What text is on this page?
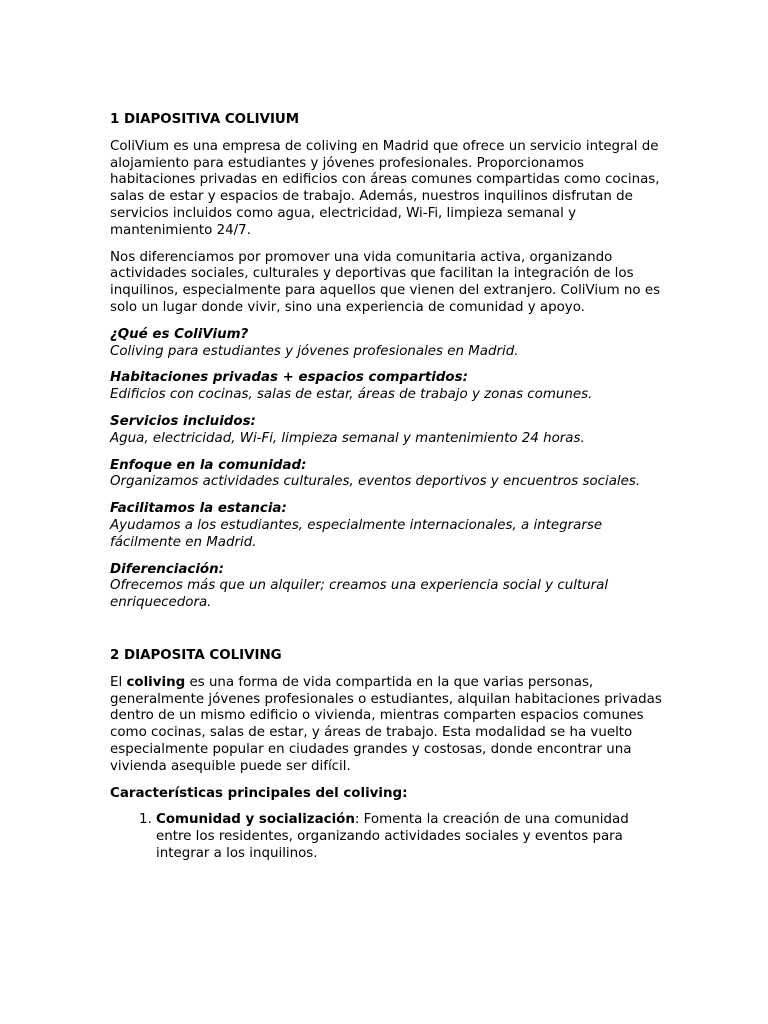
1 DIAPOSITIVA COLIVIUM

ColiVium es una empresa de coliving en Madrid que ofrece un servicio integral de alojamiento para estudiantes y jóvenes profesionales. Proporcionamos habitaciones privadas en edificios con áreas comunes compartidas como cocinas, salas de estar y espacios de trabajo. Además, nuestros inquilinos disfrutan de servicios incluidos como agua, electricidad, Wi-Fi, limpieza semanal y mantenimiento 24/7.

Nos diferenciamos por promover una vida comunitaria activa, organizando actividades sociales, culturales y deportivas que facilitan la integración de los inquilinos, especialmente para aquellos que vienen del extranjero. ColiVium no es solo un lugar donde vivir, sino una experiencia de comunidad y apoyo.

¿Qué es ColiVium?
Coliving para estudiantes y jóvenes profesionales en Madrid.
Habitaciones privadas + espacios compartidos:
Edificios con cocinas, salas de estar, áreas de trabajo y zonas comunes.
Servicios incluidos:
Agua, electricidad, Wi-Fi, limpieza semanal y mantenimiento 24 horas.
Enfoque en la comunidad:
Organizamos actividades culturales, eventos deportivos y encuentros sociales.
Facilitamos la estancia:
Ayudamos a los estudiantes, especialmente internacionales, a integrarse fácilmente en Madrid.
Diferenciación:
Ofrecemos más que un alquiler; creamos una experiencia social y cultural enriquecedora.
2 DIAPOSITA COLIVING

El coliving es una forma de vida compartida en la que varias personas, generalmente jóvenes profesionales o estudiantes, alquilan habitaciones privadas dentro de un mismo edificio o vivienda, mientras comparten espacios comunes como cocinas, salas de estar, y áreas de trabajo. Esta modalidad se ha vuelto especialmente popular en ciudades grandes y costosas, donde encontrar una vivienda asequible puede ser difícil.

Características principales del coliving:

1. Comunidad y socialización: Fomenta la creación de una comunidad entre los residentes, organizando actividades sociales y eventos para integrar a los inquilinos.
